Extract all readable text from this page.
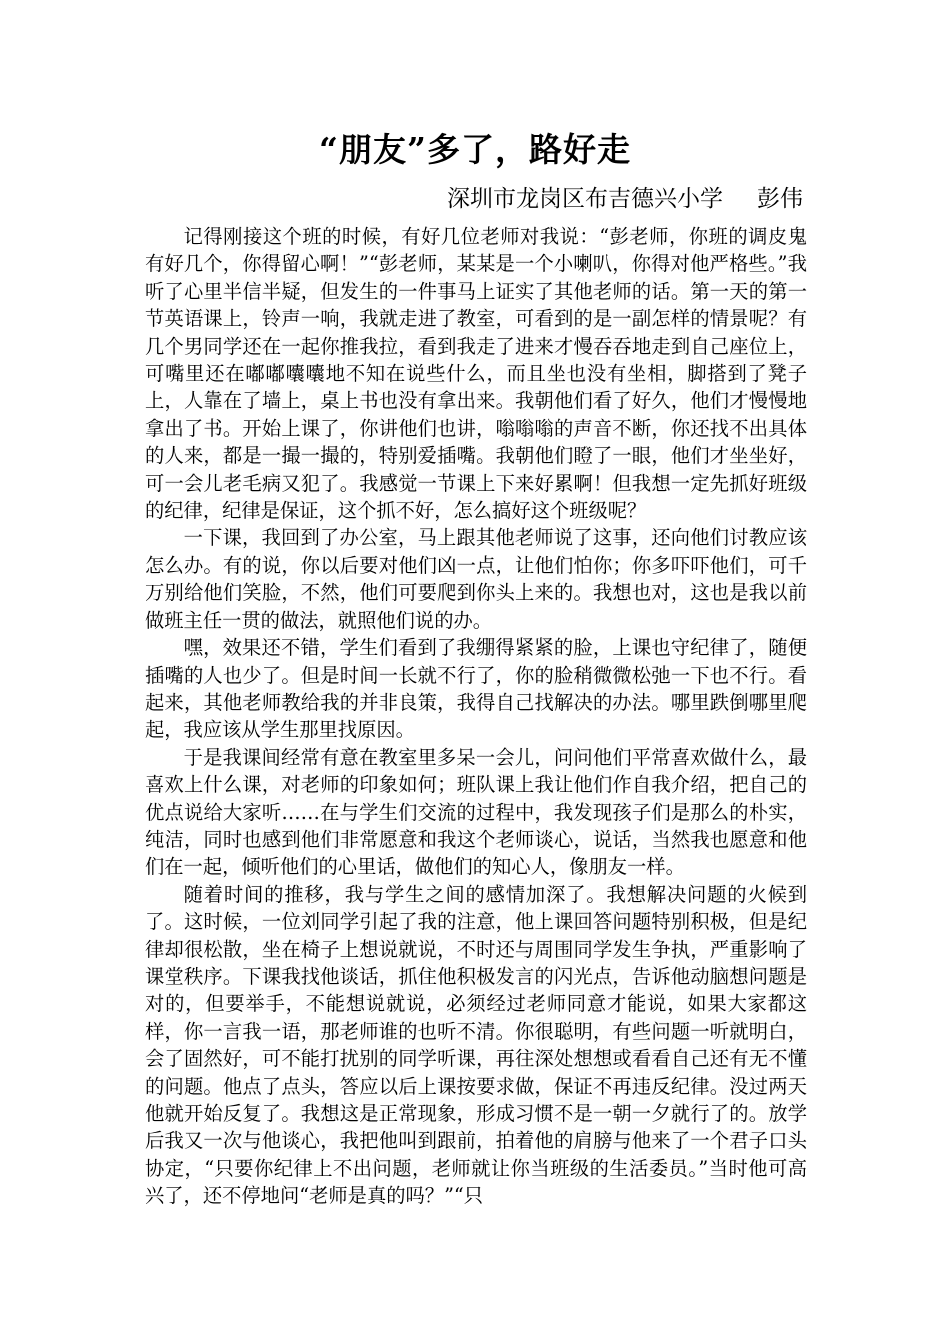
“朋友”多了，路好走
深圳市龙岗区布吉德兴小学 彭伟

记得刚接这个班的时候，有好几位老师对我说：“彭老师，你班的调皮鬼有好几个，你得留心啊！”“彭老师，某某是一个小喇叭，你得对他严格些。”我听了心里半信半疑，但发生的一件事马上证实了其他老师的话。第一天的第一节英语课上，铃声一响，我就走进了教室，可看到的是一副怎样的情景呢？有几个男同学还在一起你推我拉，看到我走了进来才慢吞吞地走到自己座位上，可嘴里还在嘟嘟囔囔地不知在说些什么，而且坐也没有坐相，脚搭到了凳子上，人靠在了墙上，桌上书也没有拿出来。我朝他们看了好久，他们才慢慢地拿出了书。开始上课了，你讲他们也讲，嗡嗡嗡的声音不断，你还找不出具体的人来，都是一撮一撮的，特别爱插嘴。我朝他们瞪了一眼，他们才坐坐好，可一会儿老毛病又犯了。我感觉一节课上下来好累啊！但我想一定先抓好班级的纪律，纪律是保证，这个抓不好，怎么搞好这个班级呢？

一下课，我回到了办公室，马上跟其他老师说了这事，还向他们讨教应该怎么办。有的说，你以后要对他们凶一点，让他们怕你；你多吓吓他们，可千万别给他们笑脸，不然，他们可要爬到你头上来的。我想也对，这也是我以前做班主任一贯的做法，就照他们说的办。

嘿，效果还不错，学生们看到了我绷得紧紧的脸，上课也守纪律了，随便插嘴的人也少了。但是时间一长就不行了，你的脸稍微微松弛一下也不行。看起来，其他老师教给我的并非良策，我得自己找解决的办法。哪里跌倒哪里爬起，我应该从学生那里找原因。

于是我课间经常有意在教室里多呆一会儿，问问他们平常喜欢做什么，最喜欢上什么课，对老师的印象如何；班队课上我让他们作自我介绍，把自己的优点说给大家听……在与学生们交流的过程中，我发现孩子们是那么的朴实，纯洁，同时也感到他们非常愿意和我这个老师谈心，说话，当然我也愿意和他们在一起，倾听他们的心里话，做他们的知心人，像朋友一样。

随着时间的推移，我与学生之间的感情加深了。我想解决问题的火候到了。这时候，一位刘同学引起了我的注意，他上课回答问题特别积极，但是纪律却很松散，坐在椅子上想说就说，不时还与周围同学发生争执，严重影响了课堂秩序。下课我找他谈话，抓住他积极发言的闪光点，告诉他动脑想问题是对的，但要举手，不能想说就说，必须经过老师同意才能说，如果大家都这样，你一言我一语，那老师谁的也听不清。你很聪明，有些问题一听就明白，会了固然好，可不能打扰别的同学听课，再往深处想想或看看自己还有无不懂的问题。他点了点头，答应以后上课按要求做，保证不再违反纪律。没过两天他就开始反复了。我想这是正常现象，形成习惯不是一朝一夕就行了的。放学后我又一次与他谈心，我把他叫到跟前，拍着他的肩膀与他来了一个君子口头协定，“只要你纪律上不出问题，老师就让你当班级的生活委员。”当时他可高兴了，还不停地问“老师是真的吗？”“只
